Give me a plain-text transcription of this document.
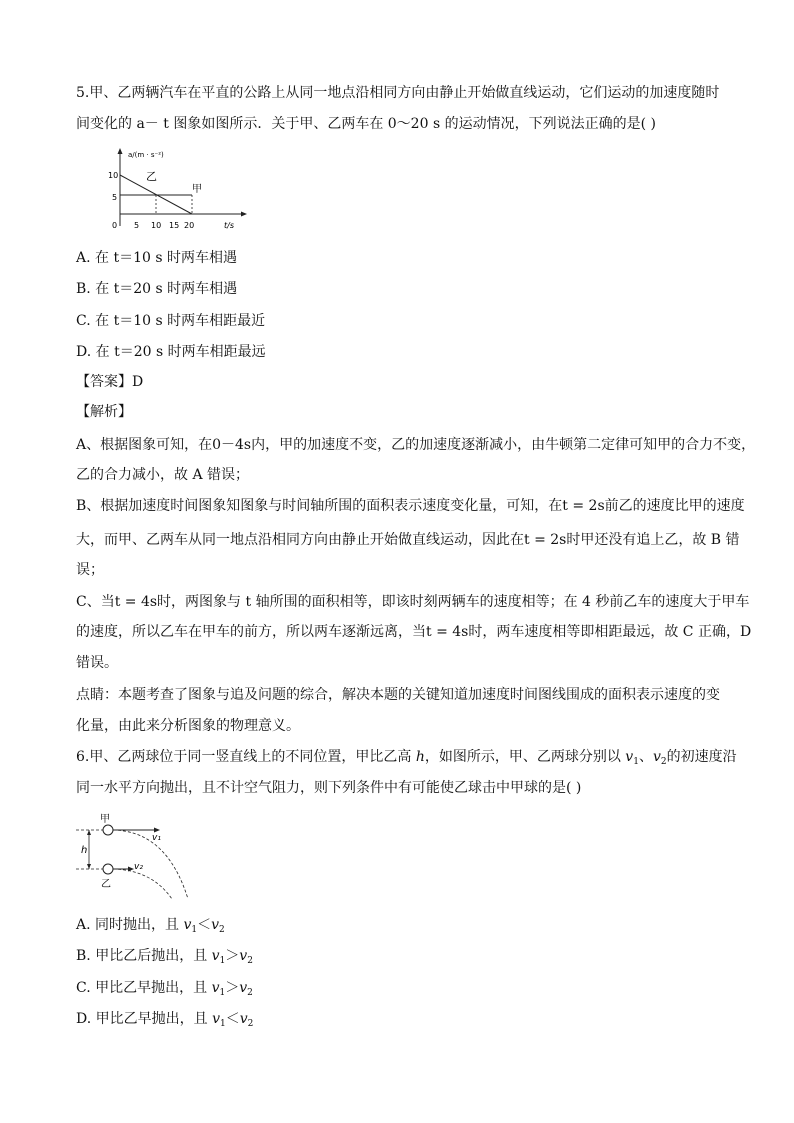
5.甲、乙两辆汽车在平直的公路上从同一地点沿相同方向由静止开始做直线运动，它们运动的加速度随时
间变化的 a－ t 图象如图所示．关于甲、乙两车在 0～20 s 的运动情况，下列说法正确的是( )
a/(m · s⁻²)
t/s
10
5
0 5 10 15 20
乙
甲
A. 在 t＝10 s 时两车相遇
B. 在 t＝20 s 时两车相遇
C. 在 t＝10 s 时两车相距最近
D. 在 t＝20 s 时两车相距最远
【答案】D
【解析】
A、根据图象可知，在0－4s内，甲的加速度不变，乙的加速度逐渐减小，由牛顿第二定律可知甲的合力不变，
乙的合力减小，故 A 错误；
B、根据加速度时间图象知图象与时间轴所围的面积表示速度变化量，可知，在t = 2s前乙的速度比甲的速度
大，而甲、乙两车从同一地点沿相同方向由静止开始做直线运动，因此在t = 2s时甲还没有追上乙，故 B 错
误；
C、当t = 4s时，两图象与 t 轴所围的面积相等，即该时刻两辆车的速度相等；在 4 秒前乙车的速度大于甲车
的速度，所以乙车在甲车的前方，所以两车逐渐远离，当t = 4s时，两车速度相等即相距最远，故 C 正确，D
错误。
点睛：本题考查了图象与追及问题的综合，解决本题的关键知道加速度时间图线围成的面积表示速度的变
化量，由此来分析图象的物理意义。
6.甲、乙两球位于同一竖直线上的不同位置，甲比乙高 h，如图所示，甲、乙两球分别以 $v_1$、$v_2$的初速度沿
同一水平方向抛出，且不计空气阻力，则下列条件中有可能使乙球击中甲球的是( )
甲
v₁
h
v₂
乙
A. 同时抛出，且 $v_1<v_2$
B. 甲比乙后抛出，且 $v_1>v_2$
C. 甲比乙早抛出，且 $v_1>v_2$
D. 甲比乙早抛出，且 $v_1<v_2$
